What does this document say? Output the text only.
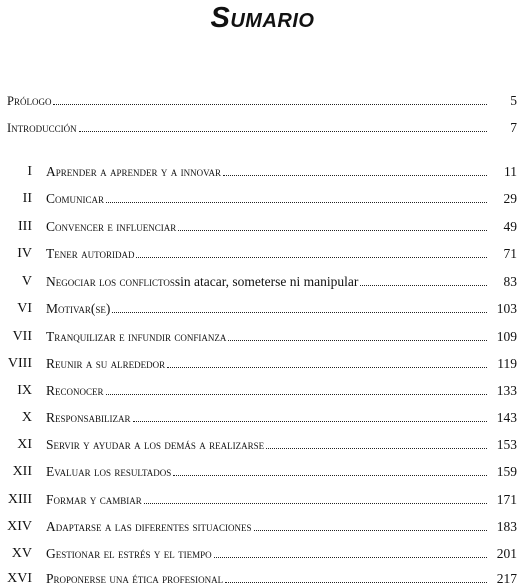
Sumario
Prólogo	5
Introducción	7
I Aprender a aprender y a innovar	11
II Comunicar	29
III Convencer e influenciar	49
IV Tener autoridad	71
V Negociar los conflictos sin atacar, someterse ni manipular	83
VI Motivar(se)	103
VII Tranquilizar e infundir confianza	109
VIII Reunir a su alrededor	119
IX Reconocer	133
X Responsabilizar	143
XI Servir y ayudar a los demás a realizarse	153
XII Evaluar los resultados	159
XIII Formar y cambiar	171
XIV Adaptarse a las diferentes situaciones	183
XV Gestionar el estrés y el tiempo	201
XVI Proponerse una ética profesional	217
